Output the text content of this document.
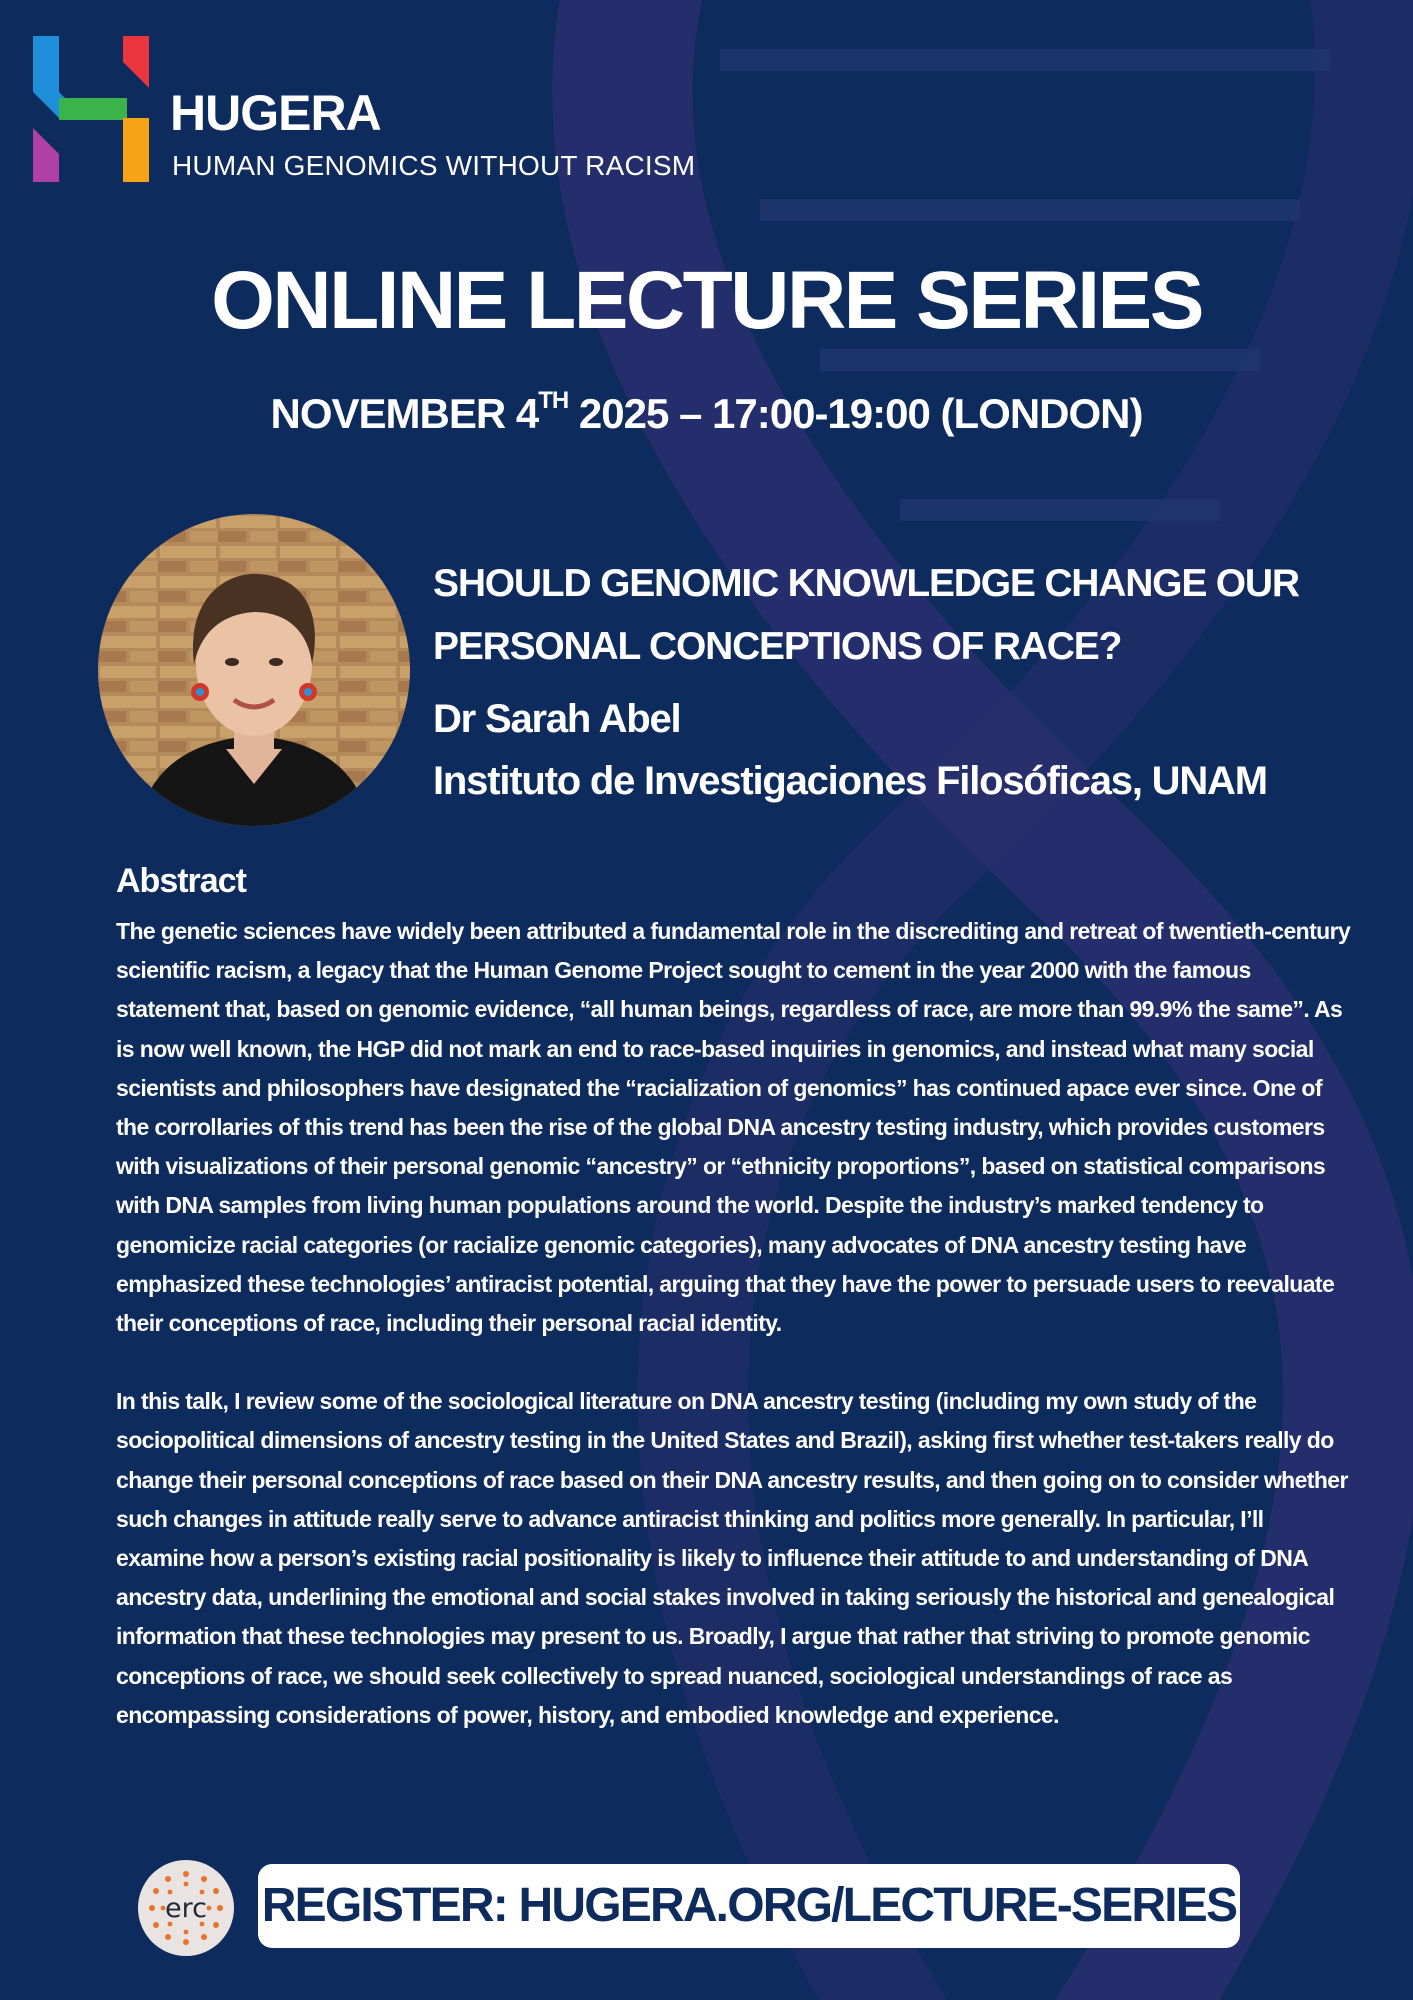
HUGERA
HUMAN GENOMICS WITHOUT RACISM
ONLINE LECTURE SERIES
NOVEMBER 4TH 2025 – 17:00-19:00 (LONDON)
SHOULD GENOMIC KNOWLEDGE CHANGE OUR
PERSONAL CONCEPTIONS OF RACE?
Dr Sarah Abel
Instituto de Investigaciones Filosóficas, UNAM
Abstract

The genetic sciences have widely been attributed a fundamental role in the discrediting and retreat of twentieth-century scientific racism, a legacy that the Human Genome Project sought to cement in the year 2000 with the famous statement that, based on genomic evidence, “all human beings, regardless of race, are more than 99.9% the same”. As is now well known, the HGP did not mark an end to race-based inquiries in genomics, and instead what many social scientists and philosophers have designated the “racialization of genomics” has continued apace ever since. One of the corrollaries of this trend has been the rise of the global DNA ancestry testing industry, which provides customers with visualizations of their personal genomic “ancestry” or “ethnicity proportions”, based on statistical comparisons with DNA samples from living human populations around the world. Despite the industry’s marked tendency to genomicize racial categories (or racialize genomic categories), many advocates of DNA ancestry testing have emphasized these technologies’ antiracist potential, arguing that they have the power to persuade users to reevaluate their conceptions of race, including their personal racial identity.

In this talk, I review some of the sociological literature on DNA ancestry testing (including my own study of the sociopolitical dimensions of ancestry testing in the United States and Brazil), asking first whether test-takers really do change their personal conceptions of race based on their DNA ancestry results, and then going on to consider whether such changes in attitude really serve to advance antiracist thinking and politics more generally. In particular, I’ll examine how a person’s existing racial positionality is likely to influence their attitude to and understanding of DNA ancestry data, underlining the emotional and social stakes involved in taking seriously the historical and genealogical information that these technologies may present to us. Broadly, I argue that rather that striving to promote genomic conceptions of race, we should seek collectively to spread nuanced, sociological understandings of race as encompassing considerations of power, history, and embodied knowledge and experience.

erc	REGISTER: HUGERA.ORG/LECTURE-SERIES
